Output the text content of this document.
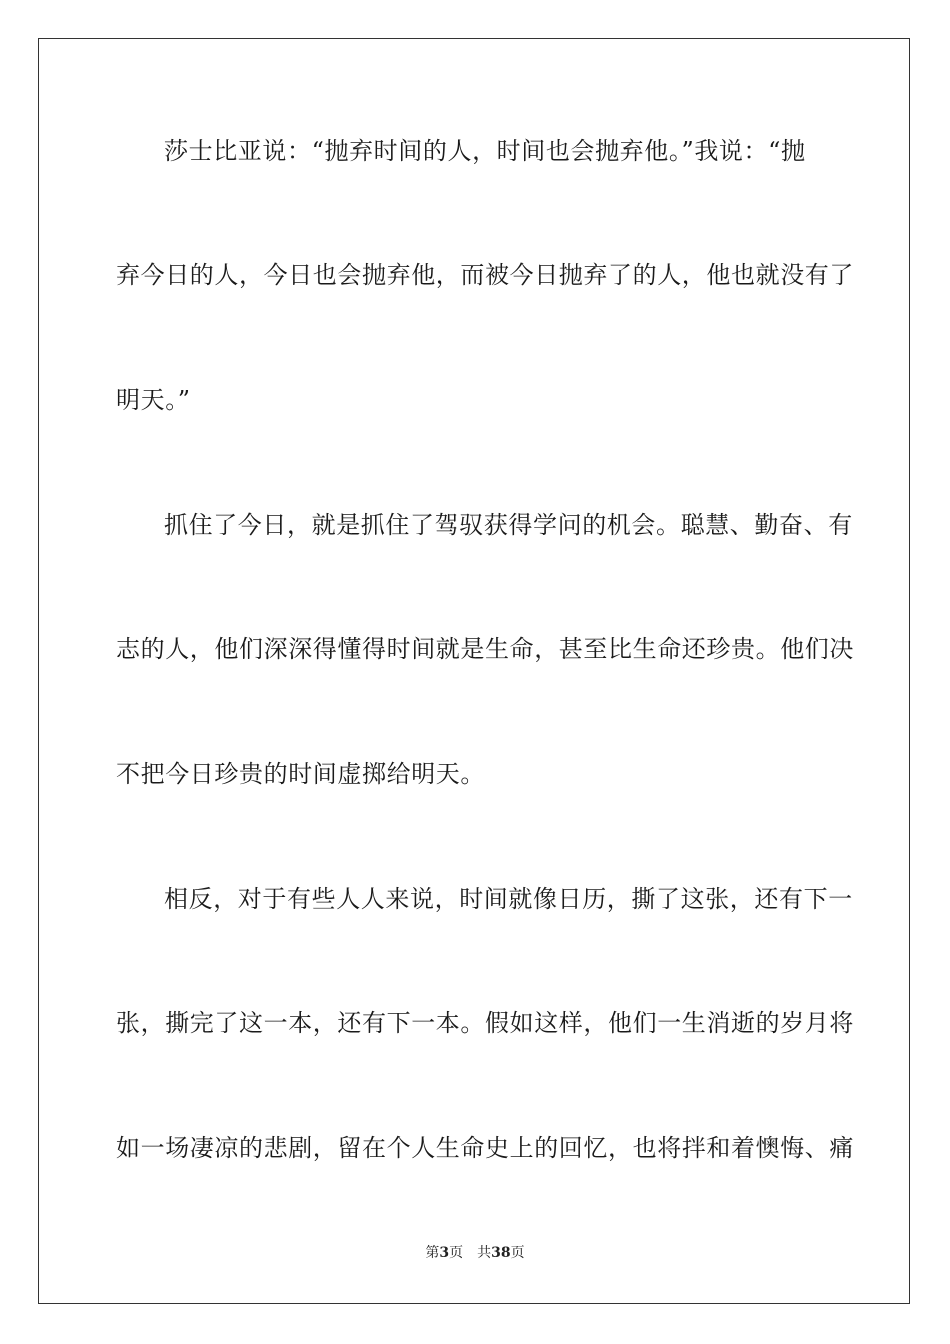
莎士比亚说：“抛弃时间的人，时间也会抛弃他。”我说：“抛
弃今日的人，今日也会抛弃他，而被今日抛弃了的人，他也就没有了
明天。”
抓住了今日，就是抓住了驾驭获得学问的机会。聪慧、勤奋、有
志的人，他们深深得懂得时间就是生命，甚至比生命还珍贵。他们决
不把今日珍贵的时间虚掷给明天。
相反，对于有些人人来说，时间就像日历，撕了这张，还有下一
张，撕完了这一本，还有下一本。假如这样，他们一生消逝的岁月将
如一场凄凉的悲剧，留在个人生命史上的回忆，也将拌和着懊悔、痛
第3页 共38页
